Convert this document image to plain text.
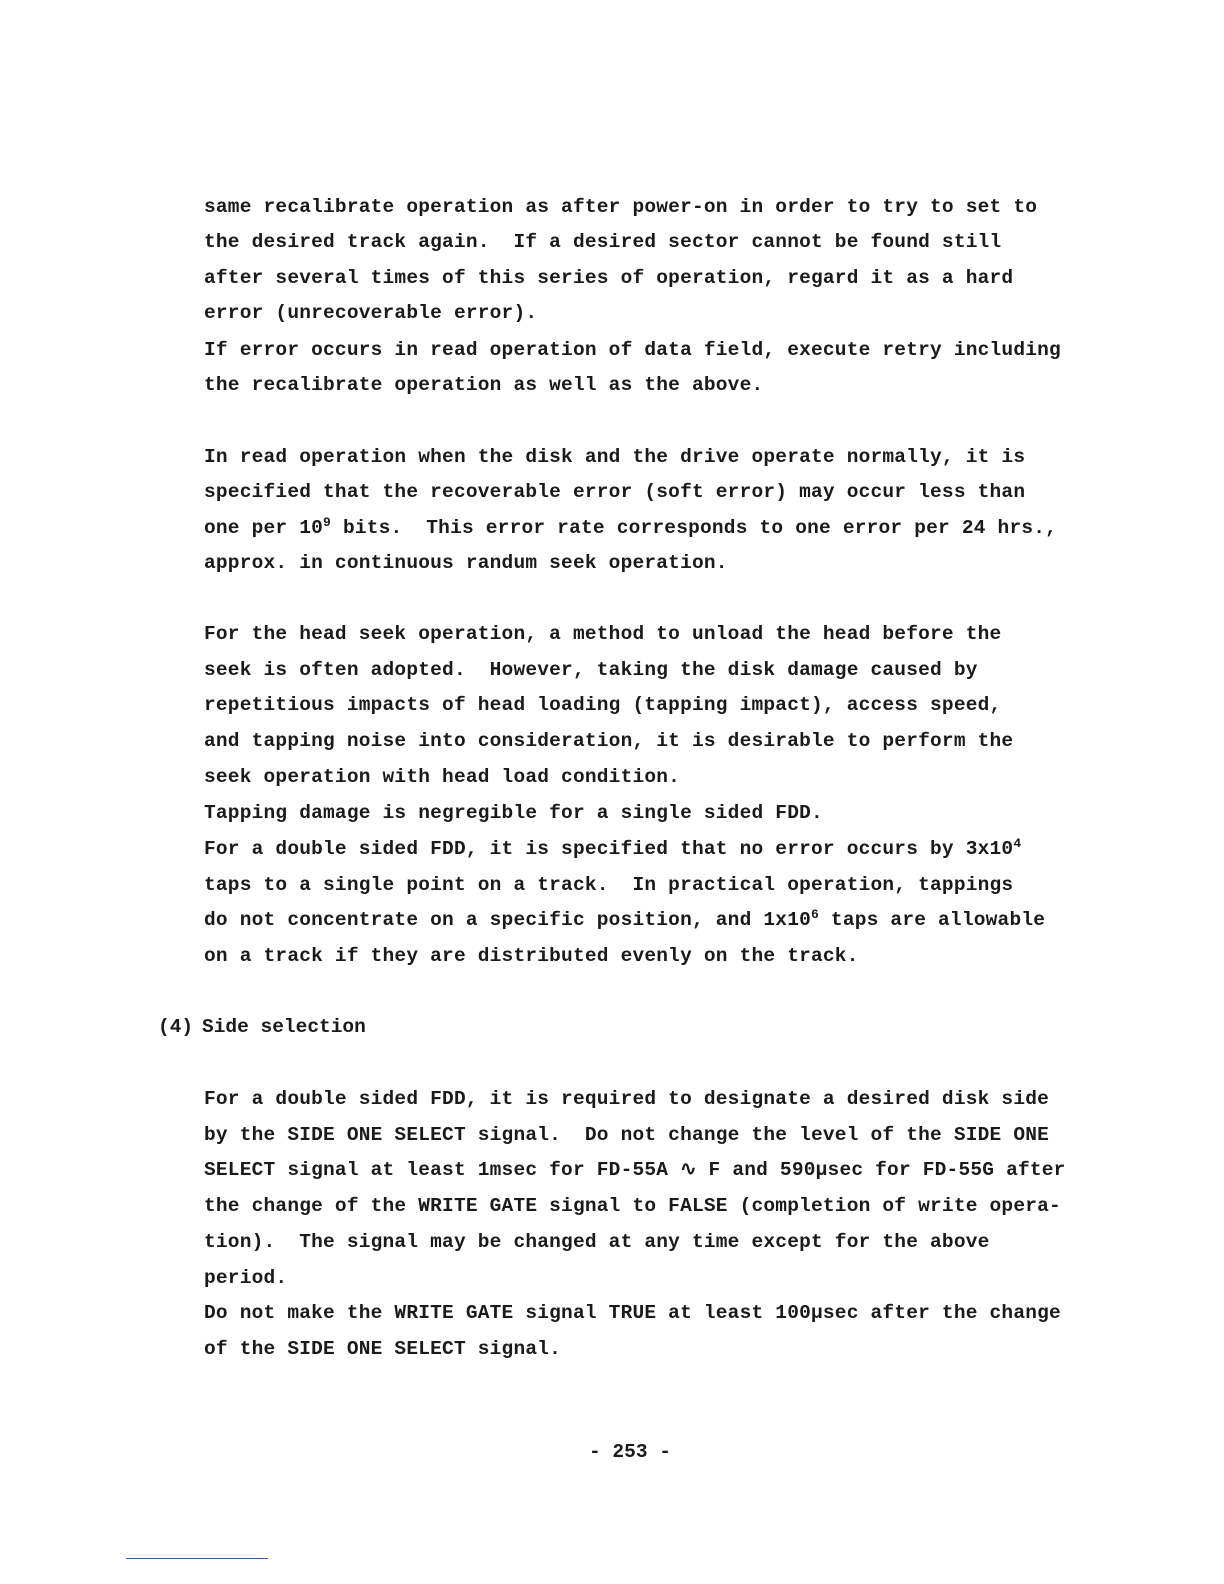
same recalibrate operation as after power-on in order to try to set to
the desired track again.  If a desired sector cannot be found still
after several times of this series of operation, regard it as a hard
error (unrecoverable error).
If error occurs in read operation of data field, execute retry including
the recalibrate operation as well as the above.
In read operation when the disk and the drive operate normally, it is
specified that the recoverable error (soft error) may occur less than
one per $10^9$ bits.  This error rate corresponds to one error per 24 hrs.,
approx. in continuous randum seek operation.
For the head seek operation, a method to unload the head before the
seek is often adopted.  However, taking the disk damage caused by
repetitious impacts of head loading (tapping impact), access speed,
and tapping noise into consideration, it is desirable to perform the
seek operation with head load condition.
Tapping damage is negregible for a single sided FDD.
For a double sided FDD, it is specified that no error occurs by $3x10^4$
taps to a single point on a track.  In practical operation, tappings
do not concentrate on a specific position, and $1x10^6$ taps are allowable
on a track if they are distributed evenly on the track.
(4) Side selection
For a double sided FDD, it is required to designate a desired disk side
by the SIDE ONE SELECT signal.  Do not change the level of the SIDE ONE
SELECT signal at least 1msec for FD-55A ∿ F and 590μsec for FD-55G after
the change of the WRITE GATE signal to FALSE (completion of write opera-
tion).  The signal may be changed at any time except for the above
period.
Do not make the WRITE GATE signal TRUE at least 100μsec after the change
of the SIDE ONE SELECT signal.
- 253 -
